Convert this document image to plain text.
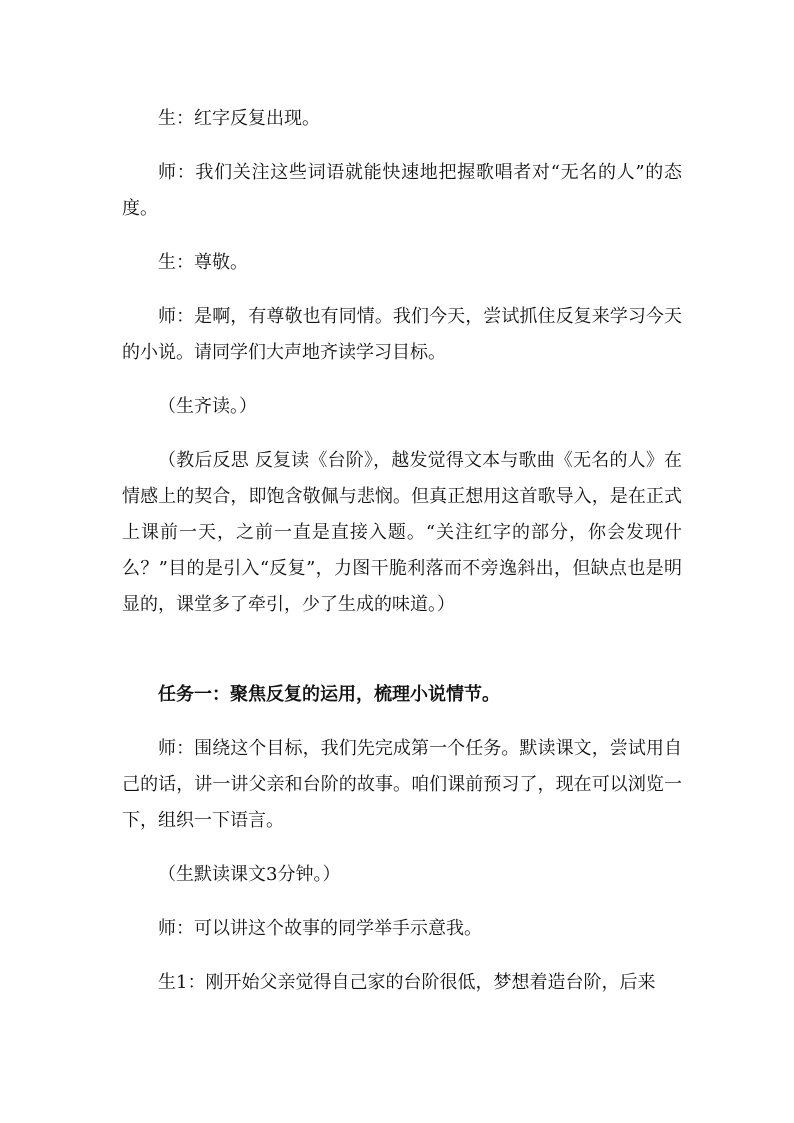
生：红字反复出现。

师：我们关注这些词语就能快速地把握歌唱者对“无名的人”的态度。

生：尊敬。

师：是啊，有尊敬也有同情。我们今天，尝试抓住反复来学习今天的小说。请同学们大声地齐读学习目标。

（生齐读。）

（教后反思 反复读《台阶》，越发觉得文本与歌曲《无名的人》在情感上的契合，即饱含敬佩与悲悯。但真正想用这首歌导入，是在正式上课前一天，之前一直是直接入题。“关注红字的部分，你会发现什么？”目的是引入“反复”，力图干脆利落而不旁逸斜出，但缺点也是明显的，课堂多了牵引，少了生成的味道。）

任务一：聚焦反复的运用，梳理小说情节。

师：围绕这个目标，我们先完成第一个任务。默读课文，尝试用自己的话，讲一讲父亲和台阶的故事。咱们课前预习了，现在可以浏览一下，组织一下语言。

（生默读课文3分钟。）

师：可以讲这个故事的同学举手示意我。

生1：刚开始父亲觉得自己家的台阶很低，梦想着造台阶，后来
